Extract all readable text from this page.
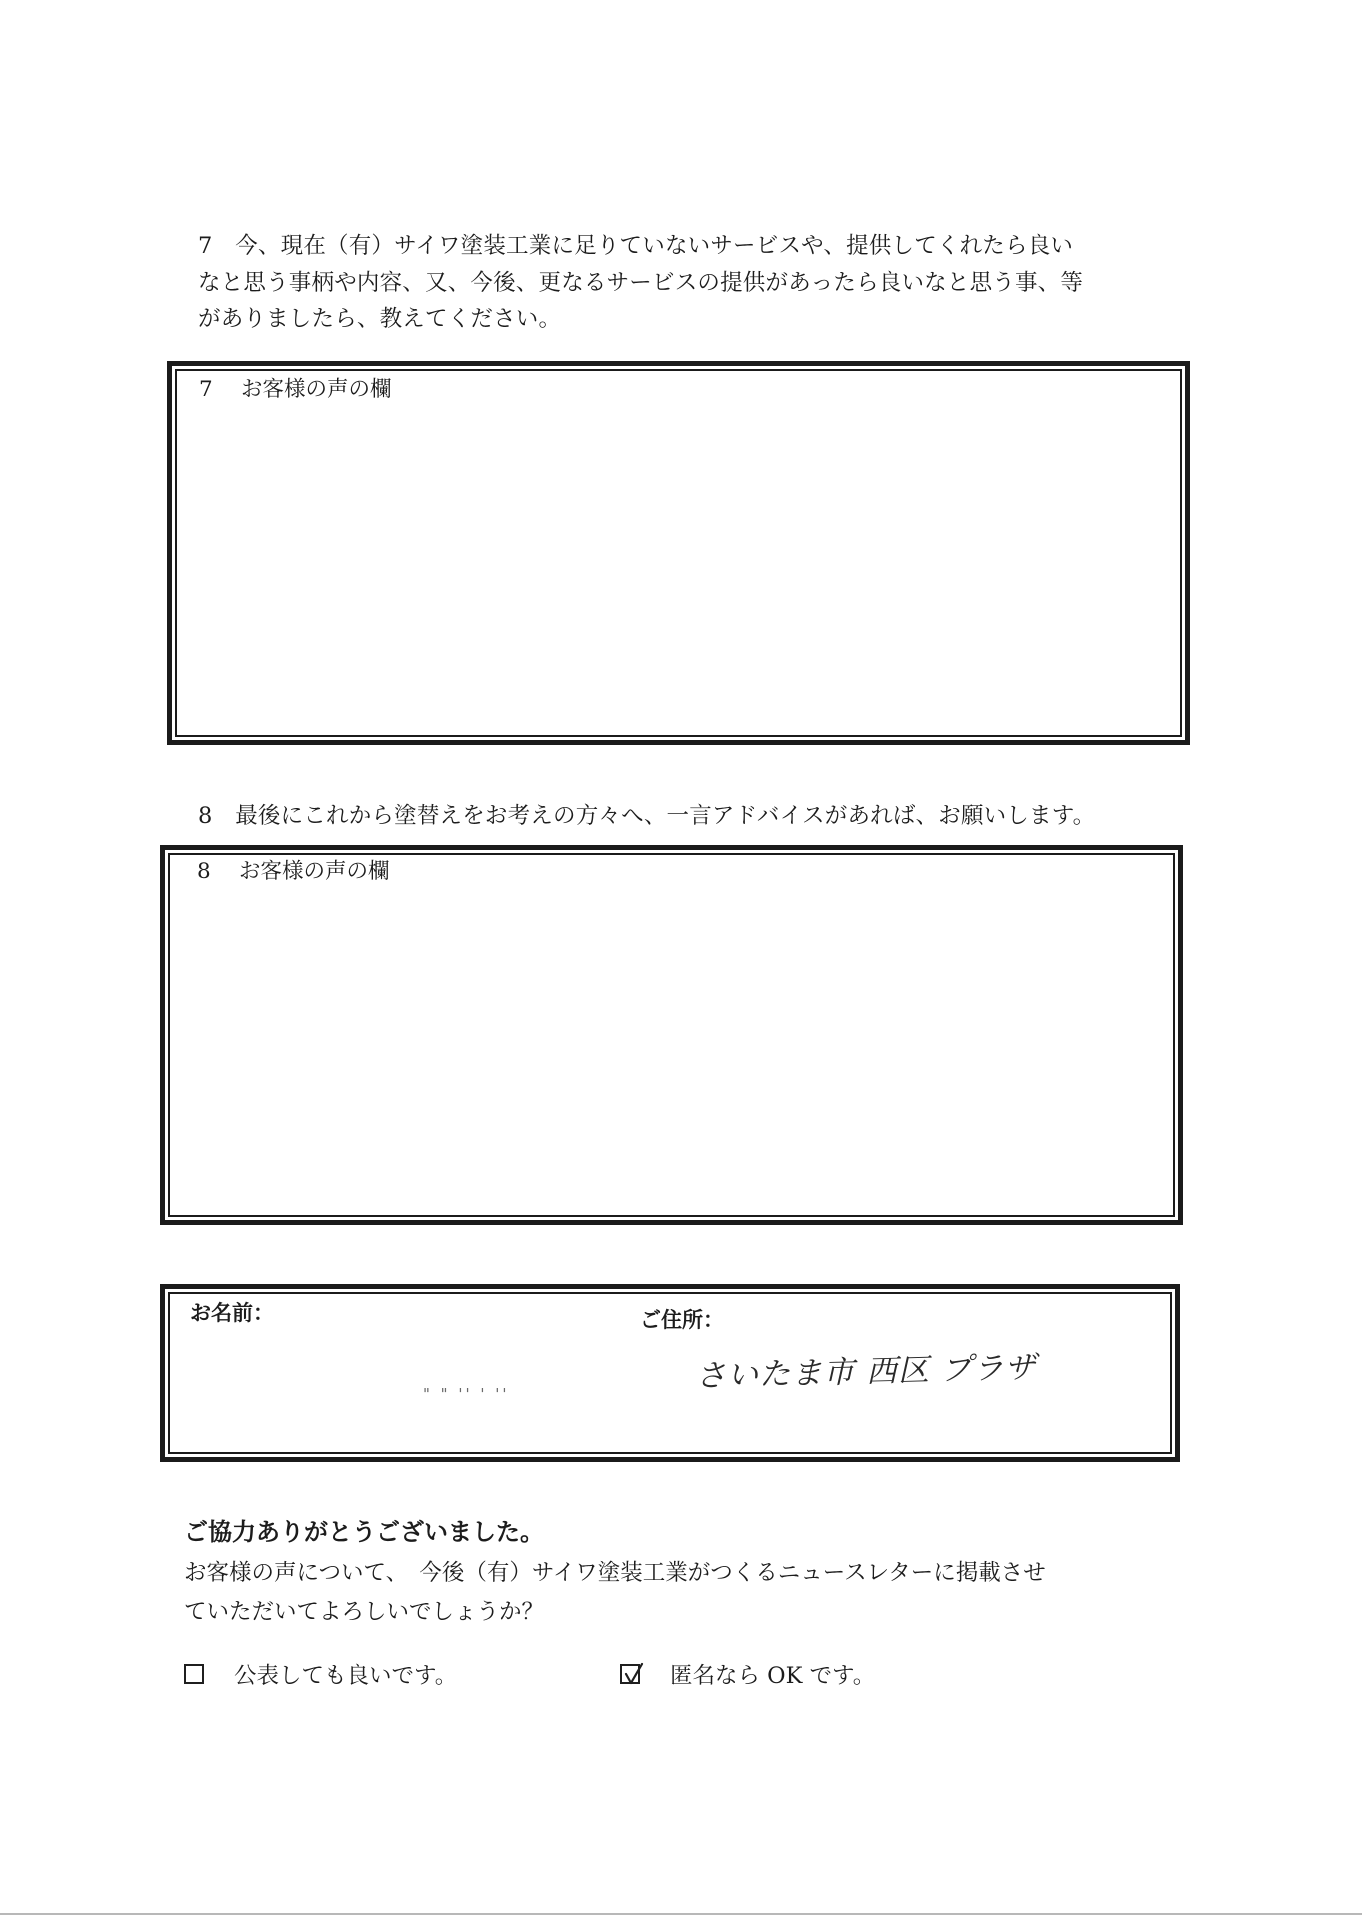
7　今、現在（有）サイワ塗装工業に足りていないサービスや、提供してくれたら良い
なと思う事柄や内容、又、今後、更なるサービスの提供があったら良いなと思う事、等
がありましたら、教えてください。
7　 お客様の声の欄
8　最後にこれから塗替えをお考えの方々へ、一言アドバイスがあれば、お願いします。
8　 お客様の声の欄
お名前：	ご住所：
さいたま市 西区 プラザ
" " '' ' ''
ご協力ありがとうございました。
お客様の声について、　今後（有）サイワ塗装工業がつくるニュースレターに掲載させ
ていただいてよろしいでしょうか？
公表しても良いです。	匿名なら OK です。
